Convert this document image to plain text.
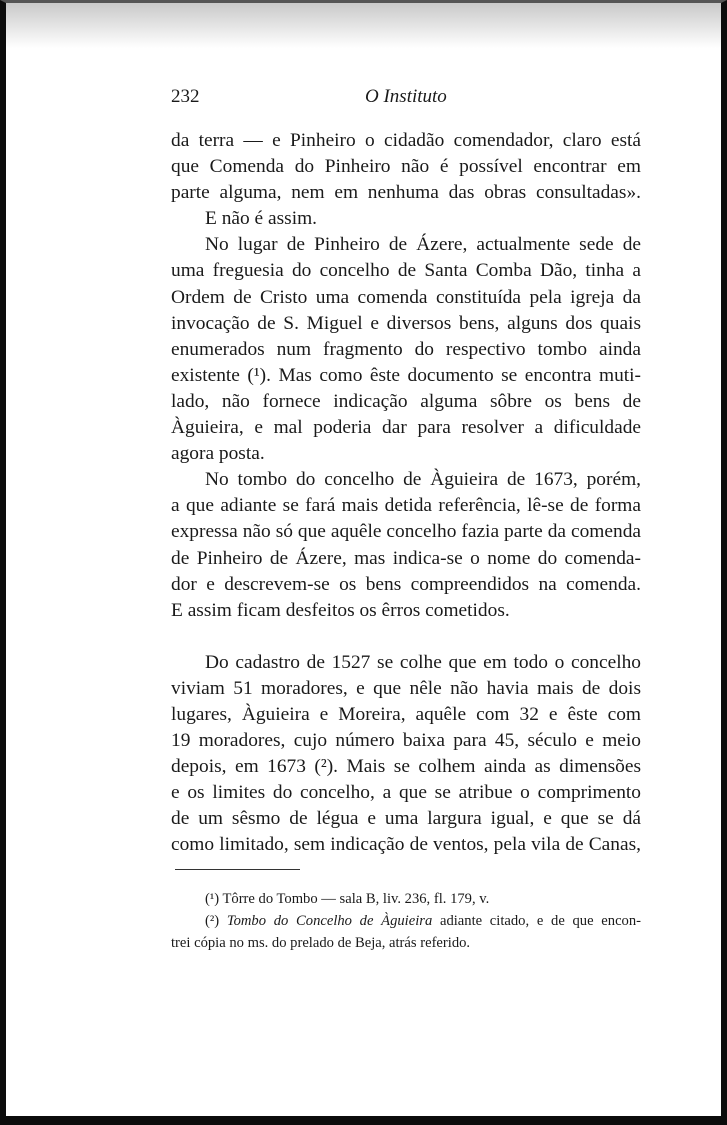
232	O Instituto
da terra — e Pinheiro o cidadão comendador, claro está
que Comenda do Pinheiro não é possível encontrar em
parte alguma, nem em nenhuma das obras consultadas».
E não é assim.
No lugar de Pinheiro de Ázere, actualmente sede de
uma freguesia do concelho de Santa Comba Dão, tinha a
Ordem de Cristo uma comenda constituída pela igreja da
invocação de S. Miguel e diversos bens, alguns dos quais
enumerados num fragmento do respectivo tombo ainda
existente (¹). Mas como êste documento se encontra muti-
lado, não fornece indicação alguma sôbre os bens de
Àguieira, e mal poderia dar para resolver a dificuldade
agora posta.
No tombo do concelho de Àguieira de 1673, porém,
a que adiante se fará mais detida referência, lê-se de forma
expressa não só que aquêle concelho fazia parte da comenda
de Pinheiro de Ázere, mas indica-se o nome do comenda-
dor e descrevem-se os bens compreendidos na comenda.
E assim ficam desfeitos os êrros cometidos.
Do cadastro de 1527 se colhe que em todo o concelho
viviam 51 moradores, e que nêle não havia mais de dois
lugares, Àguieira e Moreira, aquêle com 32 e êste com
19 moradores, cujo número baixa para 45, século e meio
depois, em 1673 (²). Mais se colhem ainda as dimensões
e os limites do concelho, a que se atribue o comprimento
de um sêsmo de légua e uma largura igual, e que se dá
como limitado, sem indicação de ventos, pela vila de Canas,
(¹) Tôrre do Tombo — sala B, liv. 236, fl. 179, v.
(²) Tombo do Concelho de Àguieira adiante citado, e de que encon-
trei cópia no ms. do prelado de Beja, atrás referido.
